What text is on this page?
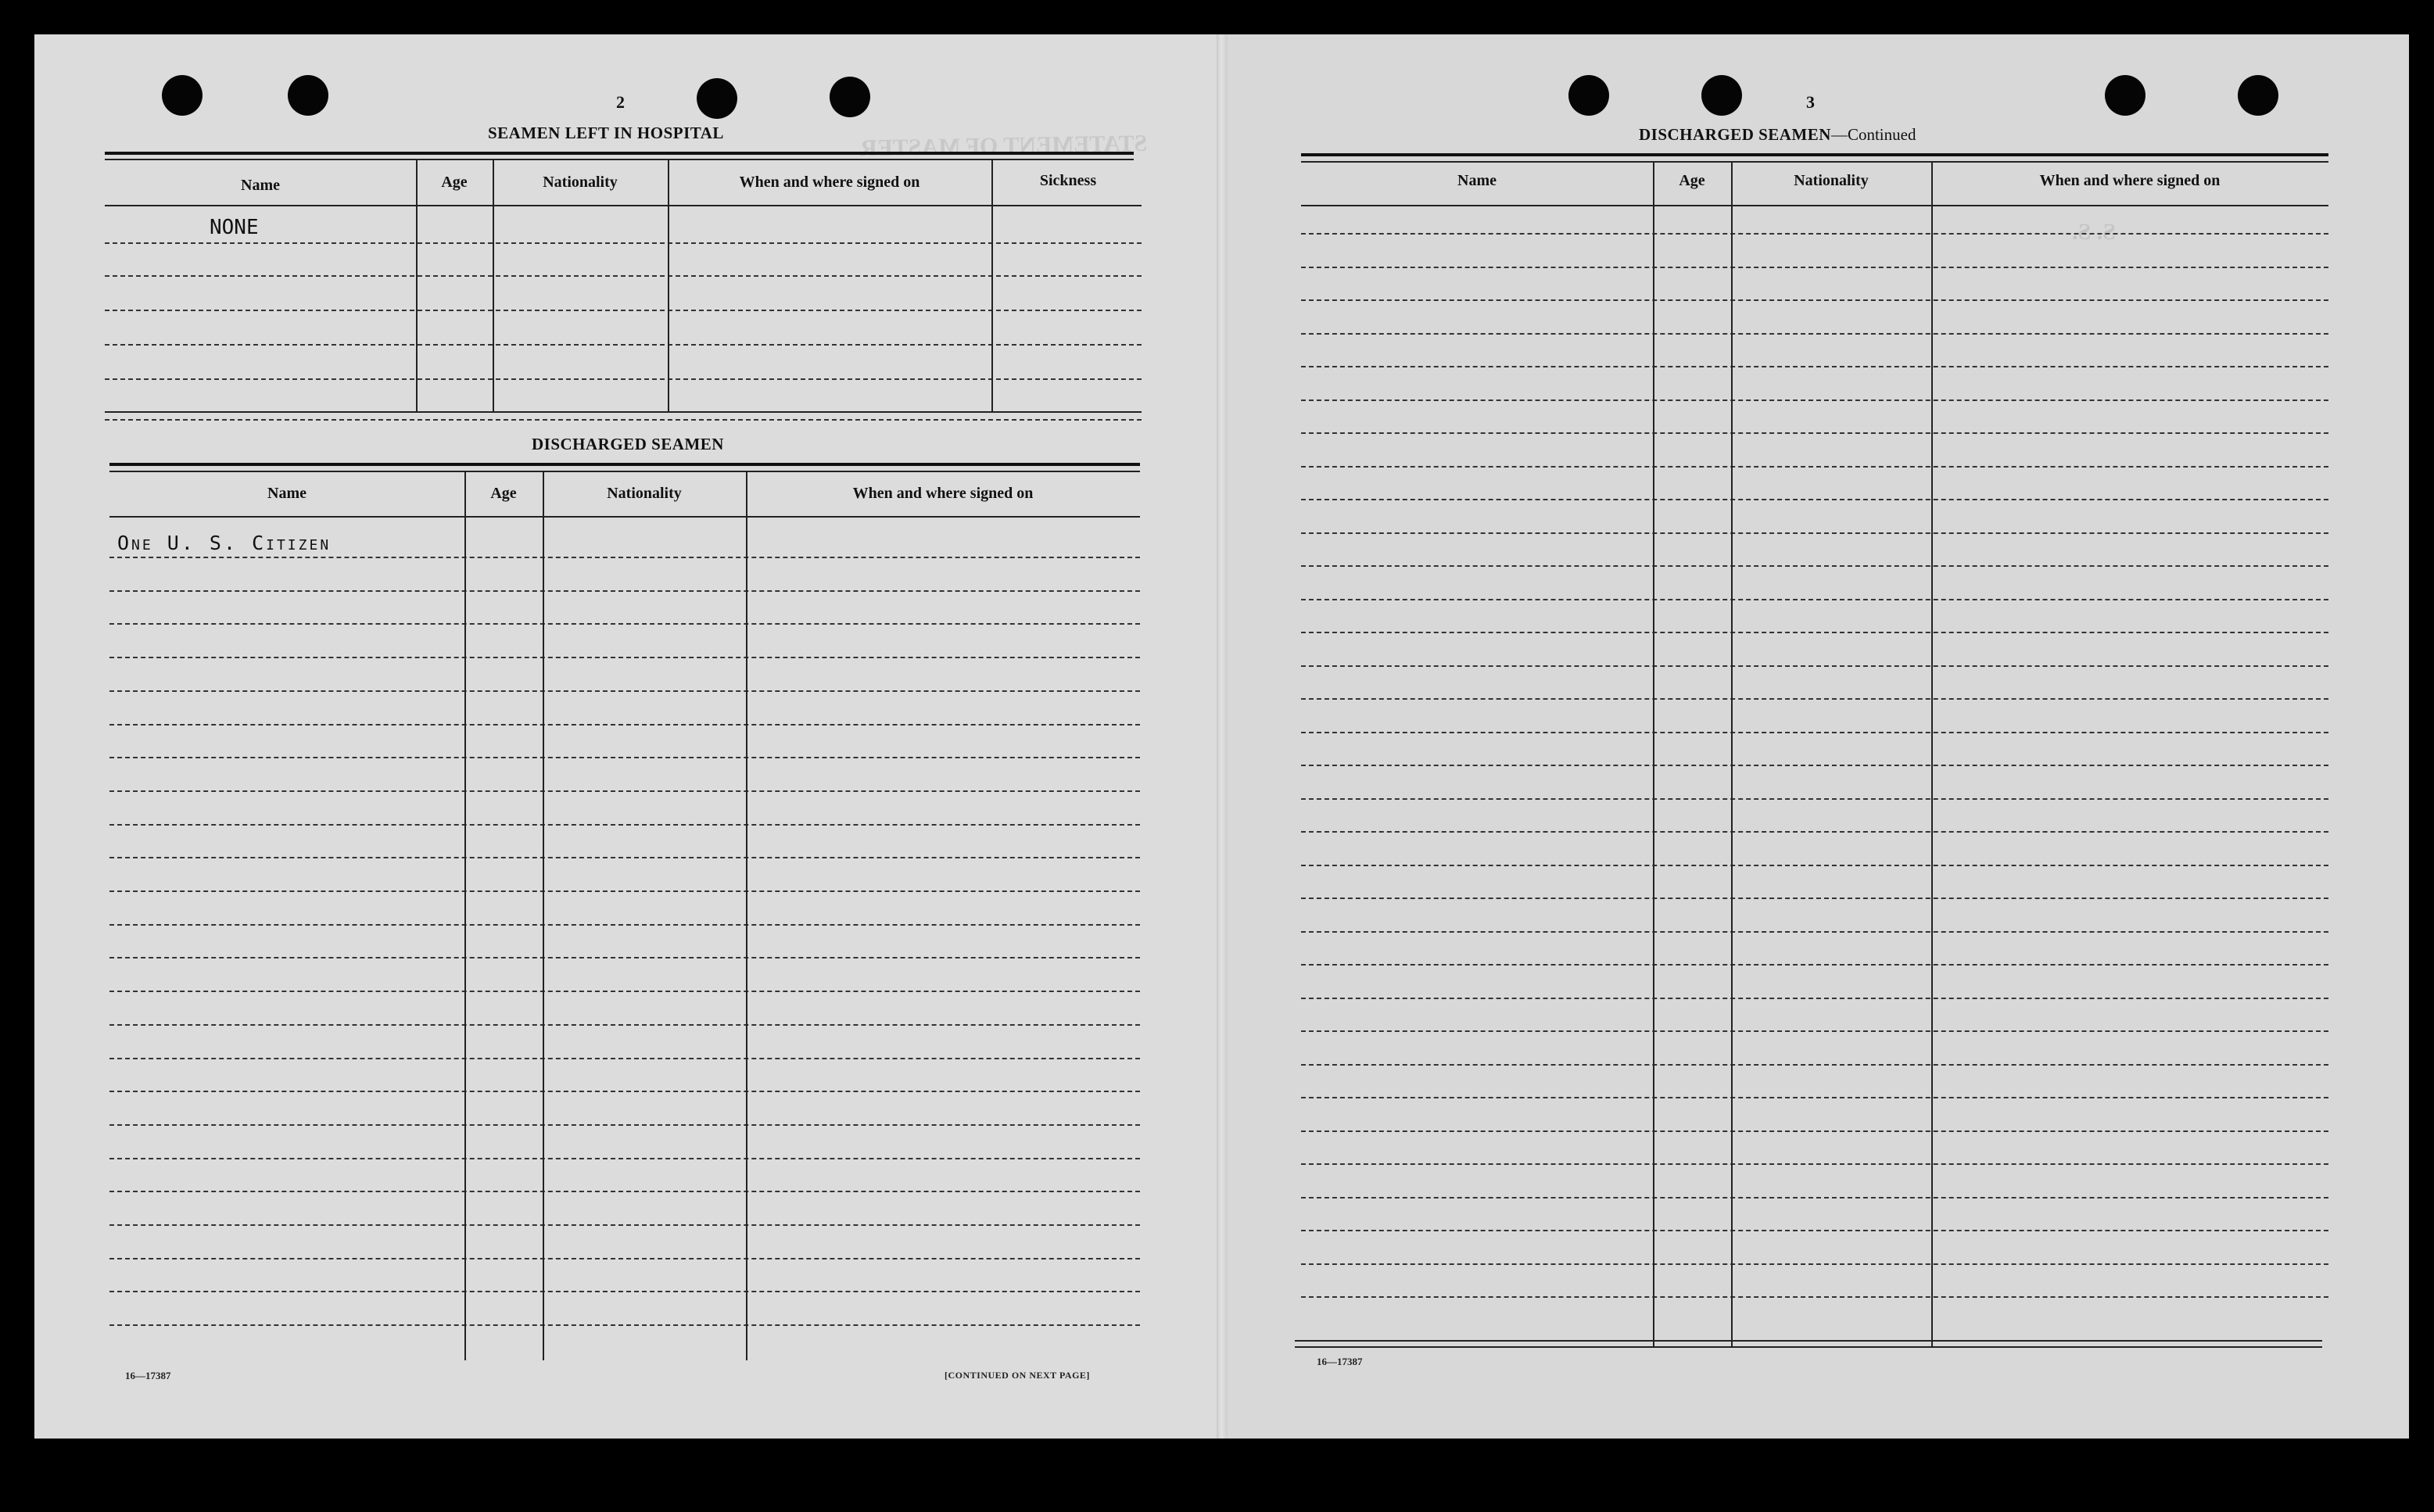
2
SEAMEN LEFT IN HOSPITAL
Name	Age	Nationality	When and where signed on	Sickness
NONE
DISCHARGED SEAMEN
Name	Age	Nationality	When and where signed on
One U. S. Citizen
16—17387	[CONTINUED ON NEXT PAGE]
3
DISCHARGED SEAMEN—Continued
Name	Age	Nationality	When and where signed on
16—17387
